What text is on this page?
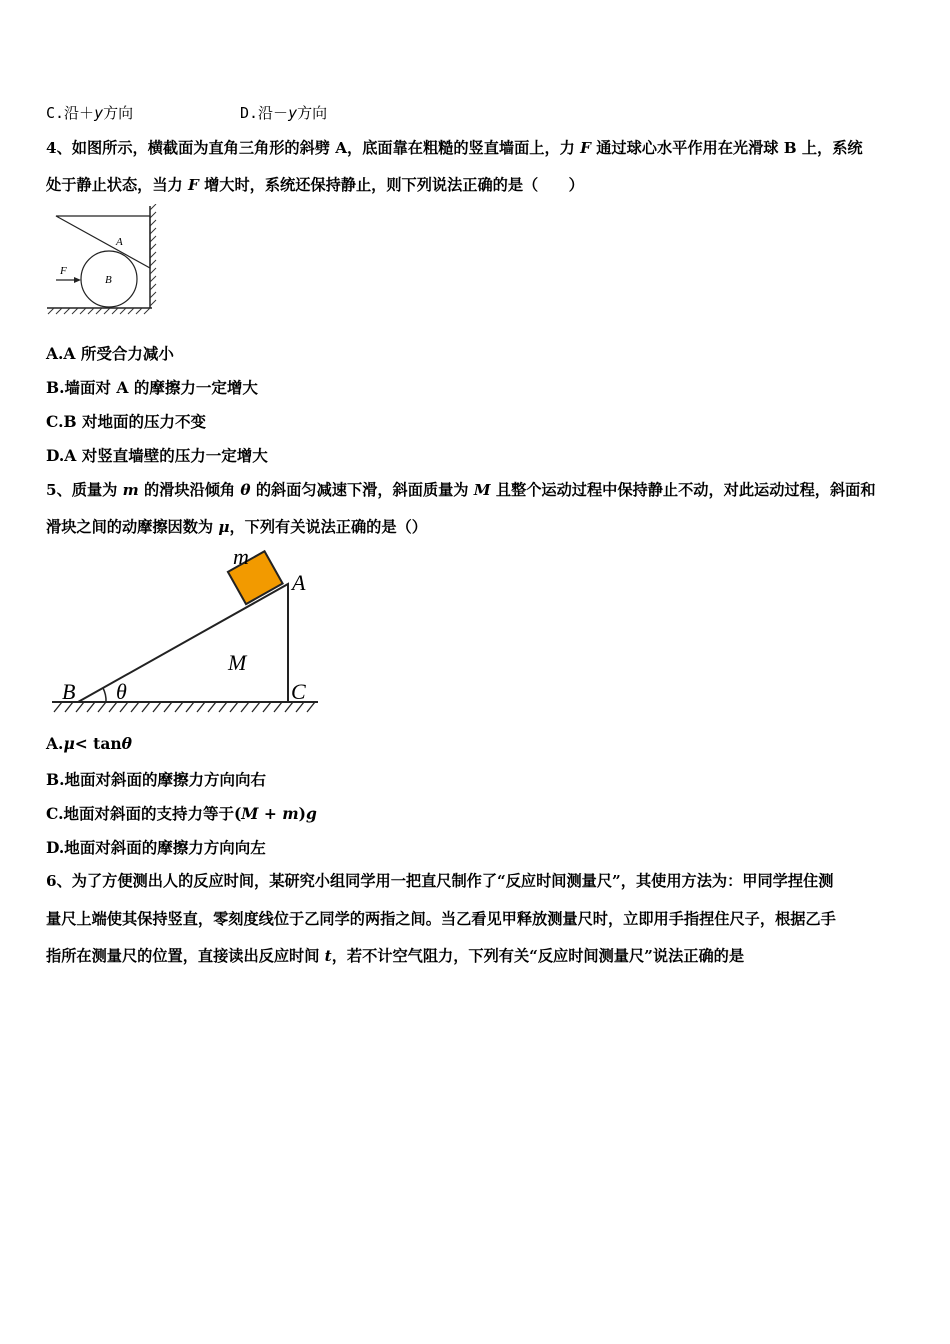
C.沿＋y方向	D.沿－y方向
4、如图所示，横截面为直角三角形的斜劈 A，底面靠在粗糙的竖直墙面上，力 F 通过球心水平作用在光滑球 B 上，系统
处于静止状态，当力 F 增大时，系统还保持静止，则下列说法正确的是（　　）
F
B
A
A.A 所受合力减小
B.墙面对 A 的摩擦力一定增大
C.B 对地面的压力不变
D.A 对竖直墙壁的压力一定增大
5、质量为 m 的滑块沿倾角 θ 的斜面匀减速下滑，斜面质量为 M 且整个运动过程中保持静止不动，对此运动过程，斜面和
滑块之间的动摩擦因数为 μ，下列有关说法正确的是（）
m
A
M
B θ	C
A.μ< tanθ
B.地面对斜面的摩擦力方向向右
C.地面对斜面的支持力等于(M + m)g
D.地面对斜面的摩擦力方向向左
6、为了方便测出人的反应时间，某研究小组同学用一把直尺制作了“反应时间测量尺”，其使用方法为：甲同学捏住测
量尺上端使其保持竖直，零刻度线位于乙同学的两指之间。当乙看见甲释放测量尺时，立即用手指捏住尺子，根据乙手
指所在测量尺的位置，直接读出反应时间 t，若不计空气阻力，下列有关“反应时间测量尺”说法正确的是
